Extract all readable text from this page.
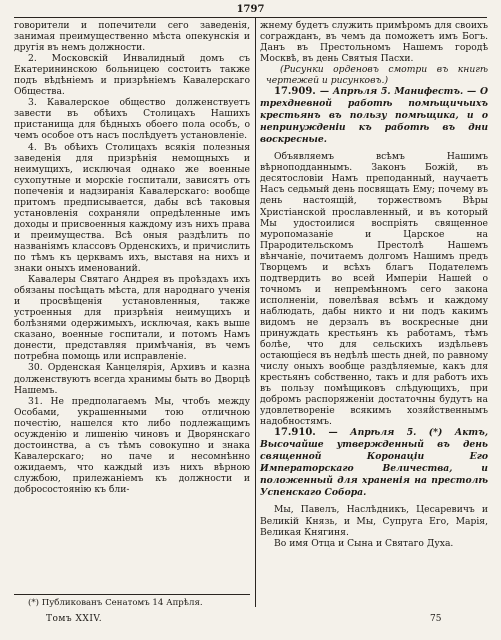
1797

говорители и попечители сего заведенія, занимая преимущественно мѣста опекунскія и другія въ немъ должности.

2. Московскій Инвалидный домъ съ Екатерининскою больницею состоитъ также подъ вѣдѣніемъ и призрѣніемъ Кавалерскаго Общества.

3. Кавалерское общество долженствуетъ завести въ обѣихъ Столицахъ Нашихъ пристанища для бѣдныхъ обоего пола особъ, о чемъ особое отъ насъ послѣдуетъ установленіе.

4. Въ обѣихъ Столицахъ всякія полезныя заведенія для призрѣнія немощныхъ и неимущихъ, исключая однако же военные сухопутные и морскіе госпитали, зависятъ отъ попеченія и надзиранія Кавалерскаго: вообще притомъ предписывается, дабы всѣ таковыя установленія сохраняли опредѣленные имъ доходы и присвоенныя каждому изъ нихъ права и преимущества. Всѣ оныя раздѣлить по названіямъ классовъ Орденскихъ, и причислить по тѣмъ къ церквамъ ихъ, выставя на нихъ и знаки оныхъ именований.

Кавалеры Святаго Андрея въ проѣздахъ ихъ обязаны посѣщать мѣста, для народнаго ученія и просвѣщенія установленныя, также устроенныя для призрѣнія неимущихъ и болѣзнями одержимыхъ, исключая, какъ выше сказано, военные госпитали, и потомъ Намъ донести, представляя примѣчанія, въ чемъ потребна помощь или исправленіе.

30. Орденская Канцелярія, Архивъ и казна долженствуютъ всегда хранимы быть во Дворцѣ Нашемъ.

31. Не предполагаемъ Мы, чтобъ между Особами, украшенными тою отличною почестію, нашелся кто либо подлежащимъ осужденію и лишенію чиновъ и Дворянскаго достоинства, а съ тѣмъ совокупно и знака Кавалерскаго; но паче и несомнѣнно ожидаемъ, что каждый изъ нихъ вѣрною службою, прилежаніемъ къ должности и добросостоянію къ бли-

жнему будетъ служить примѣромъ для своихъ согражданъ, въ чемъ да поможетъ имъ Богъ. Данъ въ Престольномъ Нашемъ городѣ Москвѣ, въ день Святыя Пасхи.

(Рисунки орденовъ смотри въ книгѣ чертежей и рисунковъ.)

17.909. — Апрѣля 5. Манифестъ. — О трехдневной работѣ помѣщичьихъ крестьянъ въ пользу помѣщика, и о непринужденіи къ работѣ въ дни воскресные.

Объявляемъ всѣмъ Нашимъ вѣрноподданнымъ. Законъ Божій, въ десятословіи Намъ преподанный, научаетъ Насъ седьмый день посвящать Ему; почему въ день настоящій, торжествомъ Вѣры Христіанской прославленный, и въ который Мы удостоилися воспріять священное муропомазаніе и Царское на Прародительскомъ Престолѣ Нашемъ вѣнчаніе, почитаемъ долгомъ Нашимъ предъ Творцемъ и всѣхъ благъ Подателемъ подтвердить во всей Имперіи Нашей о точномъ и непремѣнномъ сего закона исполненіи, повелѣвая всѣмъ и каждому наблюдать, дабы никто и ни подъ какимъ видомъ не дерзалъ въ воскресные дни принуждать крестьянъ къ работамъ, тѣмъ болѣе, что для сельскихъ издѣльевъ остающіеся въ недѣлѣ шесть дней, по равному числу оныхъ вообще раздѣляемые, какъ для крестьянъ собственно, такъ и для работъ ихъ въ пользу помѣщиковъ слѣдующихъ, при добромъ распоряженіи достаточны будутъ на удовлетвореніе всякимъ хозяйственнымъ надобностямъ.

17.910. — Апрѣля 5. (*) Актъ, Высочайше утвержденный въ день священной Коронаціи Его Императорскаго Величества, и положенный для храненія на престолѣ Успенскаго Собора.

Мы, Павелъ, Наслѣдникъ, Цесаревичъ и Великій Князь, и Мы, Супруга Его, Марія, Великая Княгиня.

Во имя Отца и Сына и Святаго Духа.

(*) Публикованъ Сенатомъ 14 Апрѣля.
Томъ XXIV.	75
